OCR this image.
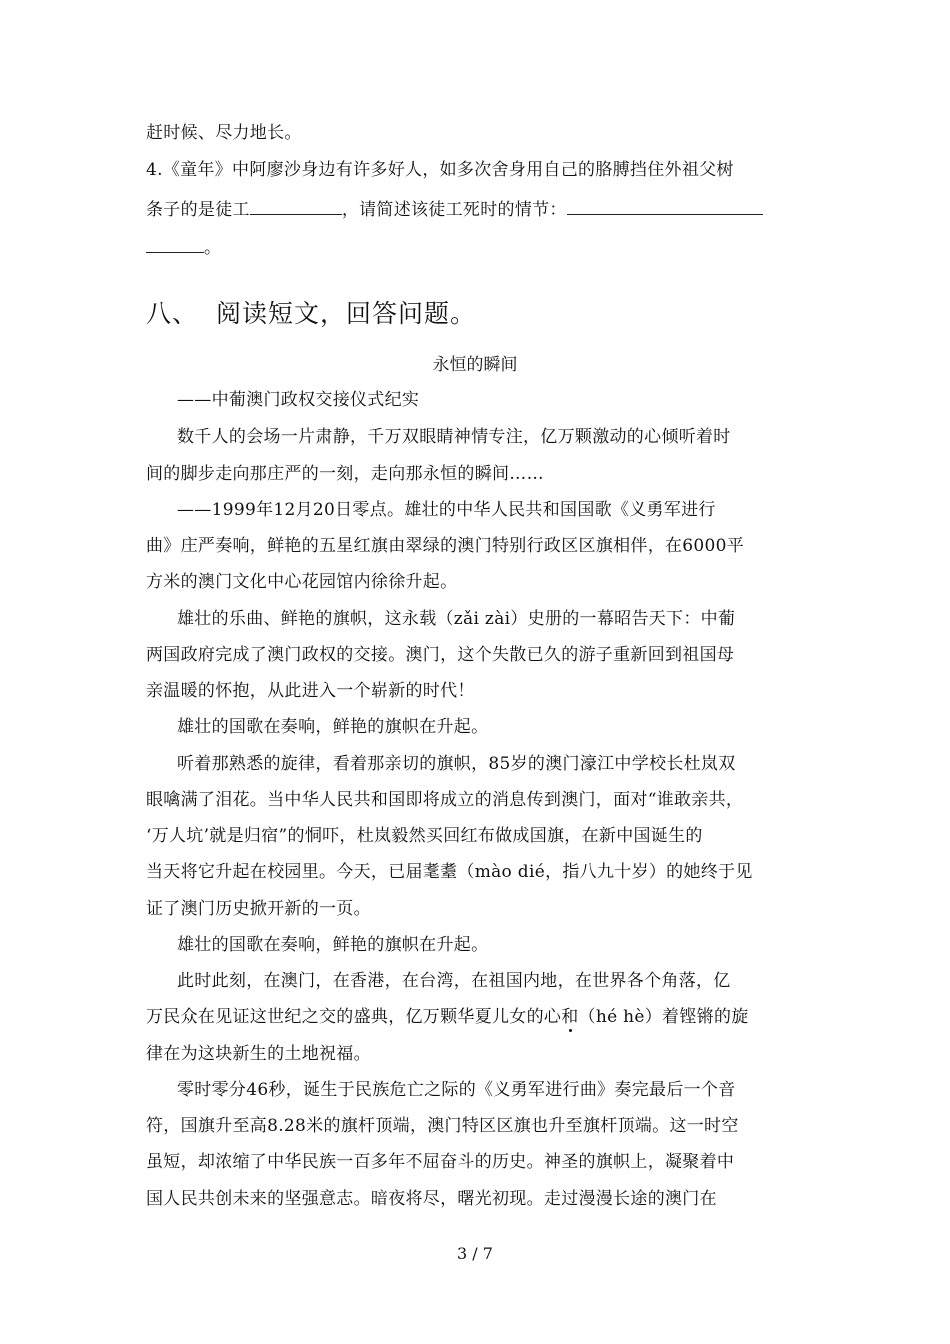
赶时候、尽力地长。
4.《童年》中阿廖沙身边有许多好人，如多次舍身用自己的胳膊挡住外祖父树
条子的是徒工	，请简述该徒工死时的情节：
。
八、 阅读短文，回答问题。
永恒的瞬间
——中葡澳门政权交接仪式纪实
数千人的会场一片肃静，千万双眼睛神情专注，亿万颗激动的心倾听着时
间的脚步走向那庄严的一刻，走向那永恒的瞬间……
——1999年12月20日零点。雄壮的中华人民共和国国歌《义勇军进行
曲》庄严奏响，鲜艳的五星红旗由翠绿的澳门特别行政区区旗相伴，在6000平
方米的澳门文化中心花园馆内徐徐升起。
雄壮的乐曲、鲜艳的旗帜，这永载（zǎi zài）史册的一幕昭告天下：中葡
两国政府完成了澳门政权的交接。澳门，这个失散已久的游子重新回到祖国母
亲温暖的怀抱，从此进入一个崭新的时代！
雄壮的国歌在奏响，鲜艳的旗帜在升起。
听着那熟悉的旋律，看着那亲切的旗帜，85岁的澳门濠江中学校长杜岚双
眼噙满了泪花。当中华人民共和国即将成立的消息传到澳门，面对“谁敢亲共，
‘万人坑’就是归宿”的恫吓，杜岚毅然买回红布做成国旗，在新中国诞生的
当天将它升起在校园里。今天，已届耄耋（mào dié，指八九十岁）的她终于见
证了澳门历史掀开新的一页。
雄壮的国歌在奏响，鲜艳的旗帜在升起。
此时此刻，在澳门，在香港，在台湾，在祖国内地，在世界各个角落，亿
万民众在见证这世纪之交的盛典，亿万颗华夏儿女的心和（hé hè）着铿锵的旋
律在为这块新生的土地祝福。
零时零分46秒，诞生于民族危亡之际的《义勇军进行曲》奏完最后一个音
符，国旗升至高8.28米的旗杆顶端，澳门特区区旗也升至旗杆顶端。这一时空
虽短，却浓缩了中华民族一百多年不屈奋斗的历史。神圣的旗帜上，凝聚着中
国人民共创未来的坚强意志。暗夜将尽，曙光初现。走过漫漫长途的澳门在
3 / 7
